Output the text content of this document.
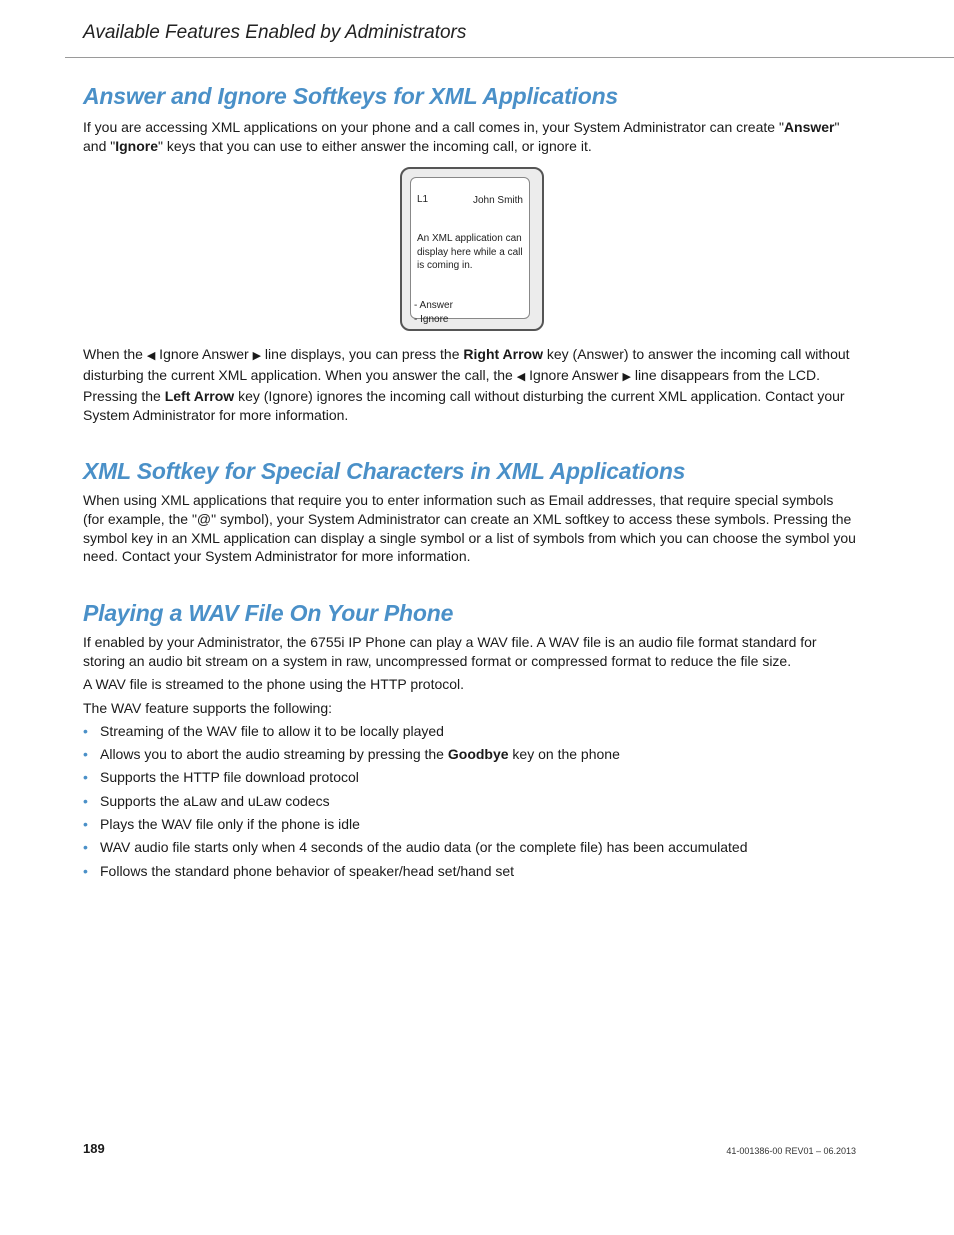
Available Features Enabled by Administrators
Answer and Ignore Softkeys for XML Applications

If you are accessing XML applications on your phone and a call comes in, your System Administrator can create "Answer" and "Ignore" keys that you can use to either answer the incoming call, or ignore it.

L1	John Smith
An XML application can display here while a call is coming in.
- Answer
- Ignore

When the ◀ Ignore Answer ▶ line displays, you can press the Right Arrow key (Answer) to answer the incoming call without disturbing the current XML application. When you answer the call, the ◀ Ignore Answer ▶ line disappears from the LCD. Pressing the Left Arrow key (Ignore) ignores the incoming call without disturbing the current XML application. Contact your System Administrator for more information.

XML Softkey for Special Characters in XML Applications

When using XML applications that require you to enter information such as Email addresses, that require special symbols (for example, the "@" symbol), your System Administrator can create an XML softkey to access these symbols. Pressing the symbol key in an XML application can display a single symbol or a list of symbols from which you can choose the symbol you need. Contact your System Administrator for more information.

Playing a WAV File On Your Phone

If enabled by your Administrator, the 6755i IP Phone can play a WAV file. A WAV file is an audio file format standard for storing an audio bit stream on a system in raw, uncompressed format or compressed format to reduce the file size.

A WAV file is streamed to the phone using the HTTP protocol.

The WAV feature supports the following:

• Streaming of the WAV file to allow it to be locally played
• Allows you to abort the audio streaming by pressing the Goodbye key on the phone
• Supports the HTTP file download protocol
• Supports the aLaw and uLaw codecs
• Plays the WAV file only if the phone is idle
• WAV audio file starts only when 4 seconds of the audio data (or the complete file) has been accumulated
• Follows the standard phone behavior of speaker/head set/hand set
189	41-001386-00 REV01 – 06.2013
